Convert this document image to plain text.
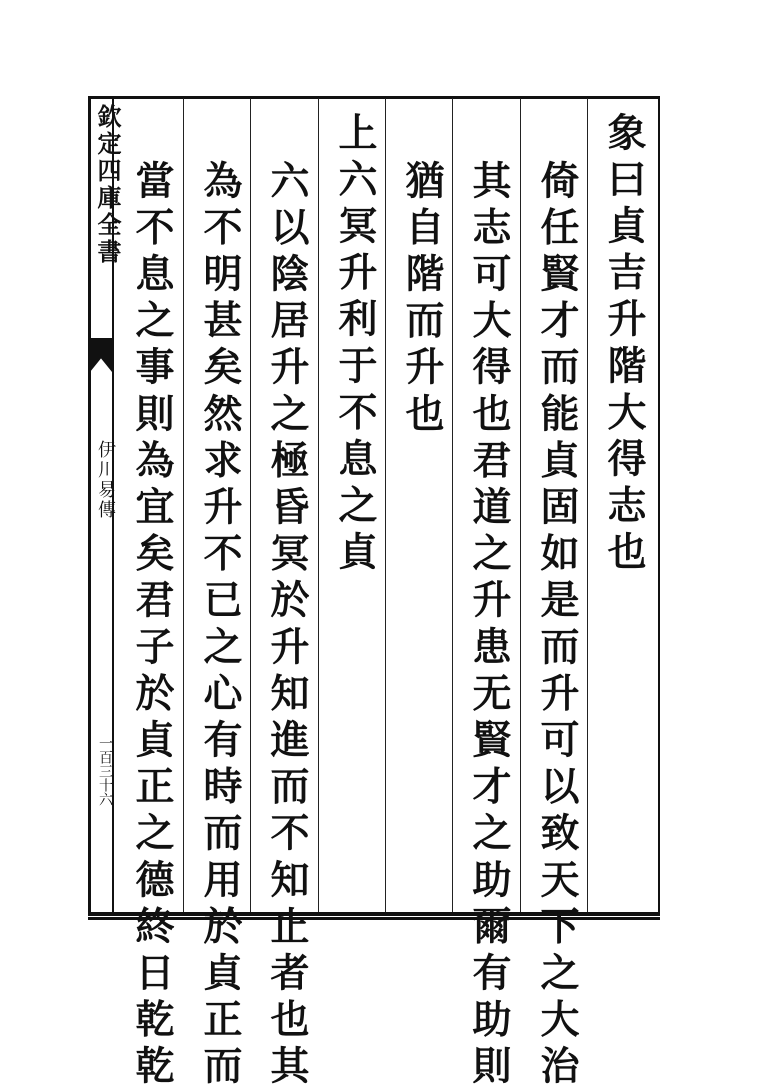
欽定四庫全書
伊川易傳
一百三十六
象曰貞吉升階大得志也
倚任賢才而能貞固如是而升可以致天下之大治
其志可大得也君道之升患无賢才之助爾有助則
猶自階而升也
上六冥升利于不息之貞
六以陰居升之極昏冥於升知進而不知止者也其
為不明甚矣然求升不已之心有時而用於貞正而
當不息之事則為宜矣君子於貞正之德終日乾乾
